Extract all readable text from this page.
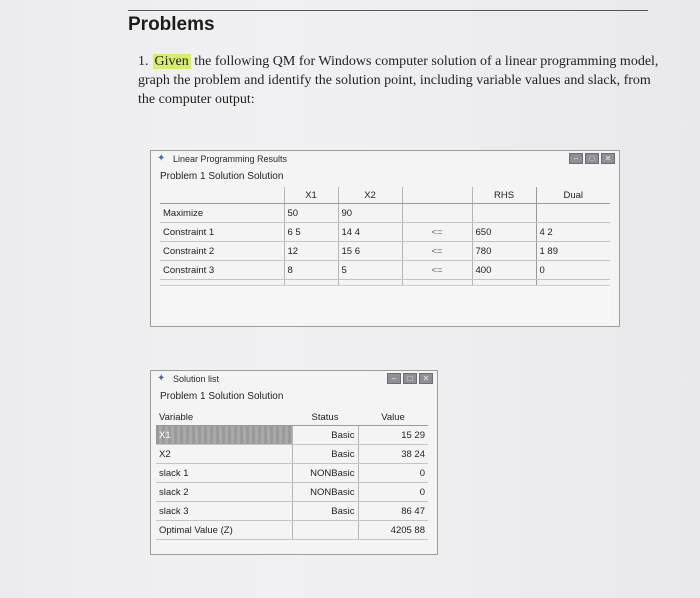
Problems
1. Given the following QM for Windows computer solution of a linear programming model, graph the problem and identify the solution point, including variable values and slack, from the computer output:
✦ Linear Programming Results	–	□	✕
Problem 1 Solution Solution
	X1	X2		RHS	Dual
Maximize	50	90			
Constraint 1	6 5	14 4	<=	650	4 2
Constraint 2	12	15 6	<=	780	1 89
Constraint 3	8	5	<=	400	0

✦ Solution list	–	□	✕
Problem 1 Solution Solution
Variable	Status	Value
X1	Basic	15 29
X2	Basic	38 24
slack 1	NONBasic	0
slack 2	NONBasic	0
slack 3	Basic	86 47
Optimal Value (Z)		4205 88
